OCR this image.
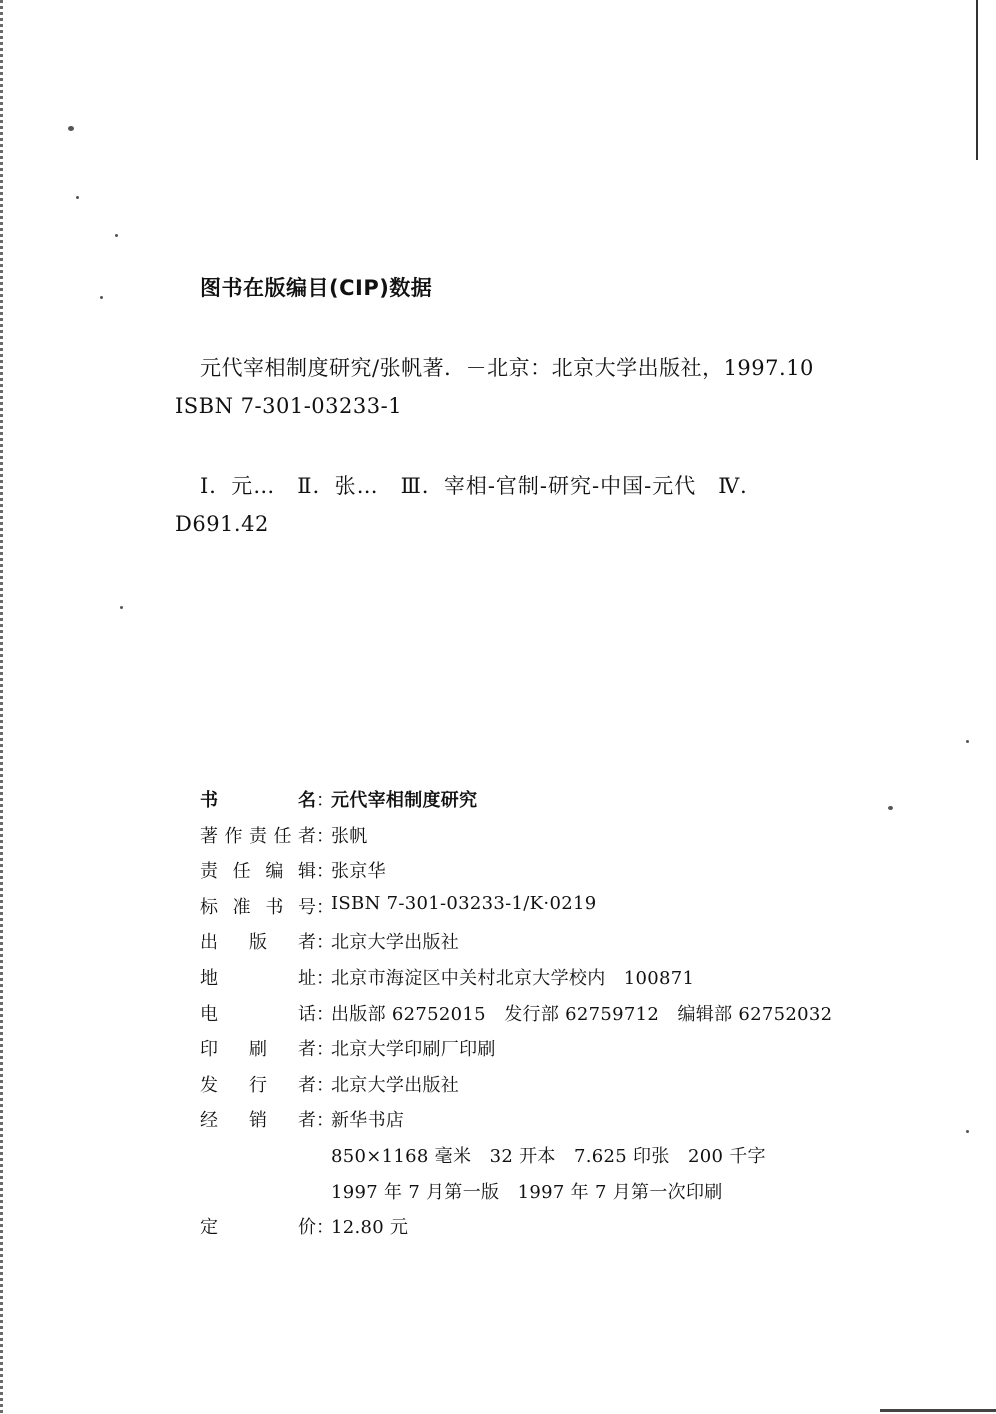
图书在版编目(CIP)数据
元代宰相制度研究/张帆著．－北京：北京大学出版社，1997.10
ISBN 7-301-03233-1
Ⅰ．元…　Ⅱ．张…　Ⅲ．宰相-官制-研究-中国-元代　Ⅳ．
D691.42
书	名 ：
元代宰相制度研究
著 作 责 任 者 ：
张帆
责 任 编 辑 ：
张京华
标 准 书 号 ：
ISBN 7-301-03233-1/K·0219
出 版 者 ：
北京大学出版社
地	址 ：
北京市海淀区中关村北京大学校内　100871
电	话 ：
出版部 62752015　发行部 62759712　编辑部 62752032
印 刷 者 ：
北京大学印刷厂印刷
发 行 者 ：
北京大学出版社
经 销 者 ：
新华书店
850×1168 毫米　32 开本　7.625 印张　200 千字
1997 年 7 月第一版　1997 年 7 月第一次印刷
定	价 ：
12.80 元
